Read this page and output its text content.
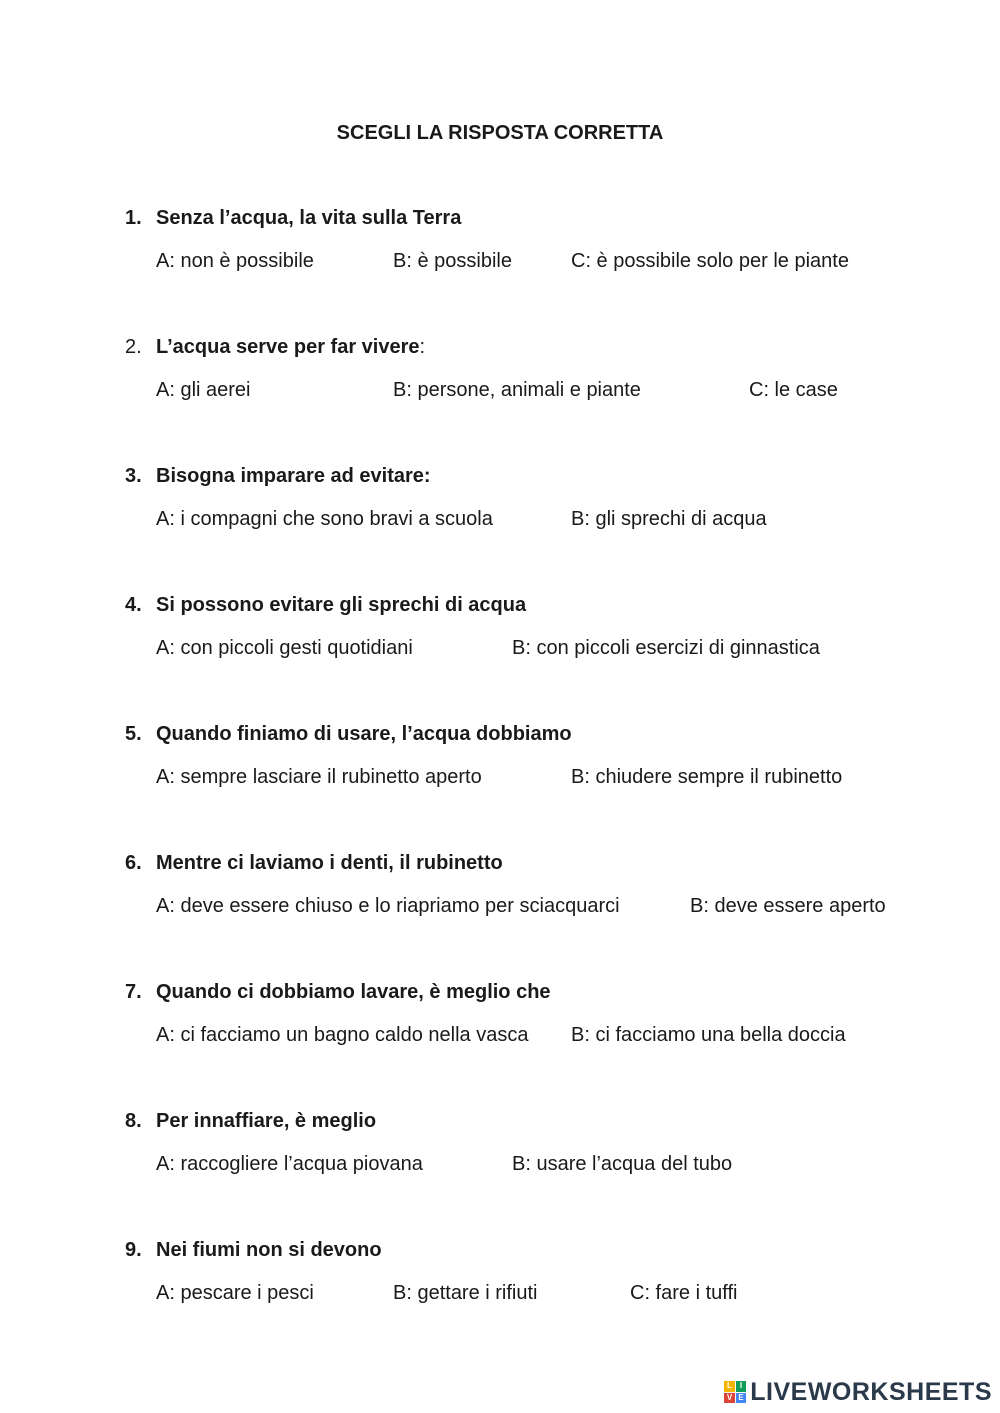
SCEGLI LA RISPOSTA CORRETTA
1. Senza l’acqua, la vita sulla Terra
A: non è possibile	B: è possibile	C: è possibile solo per le piante
2. L’acqua serve per far vivere:
A: gli aerei	B: persone, animali e piante	C: le case
3. Bisogna imparare ad evitare:
A: i compagni che sono bravi a scuola	B: gli sprechi di acqua
4. Si possono evitare gli sprechi di acqua
A: con piccoli gesti quotidiani	B: con piccoli esercizi di ginnastica
5. Quando finiamo di usare, l’acqua dobbiamo
A: sempre lasciare il rubinetto aperto	B: chiudere sempre il rubinetto
6. Mentre ci laviamo i denti, il rubinetto
A: deve essere chiuso e lo riapriamo per sciacquarci	B: deve essere aperto
7. Quando ci dobbiamo lavare, è meglio che
A: ci facciamo un bagno caldo nella vasca B: ci facciamo una bella doccia
8. Per innaffiare, è meglio
A: raccogliere l’acqua piovana	B: usare l’acqua del tubo
9. Nei fiumi non si devono
A: pescare i pesci	B: gettare i rifiuti	C: fare i tuffi
L I
V E LIVEWORKSHEETS
